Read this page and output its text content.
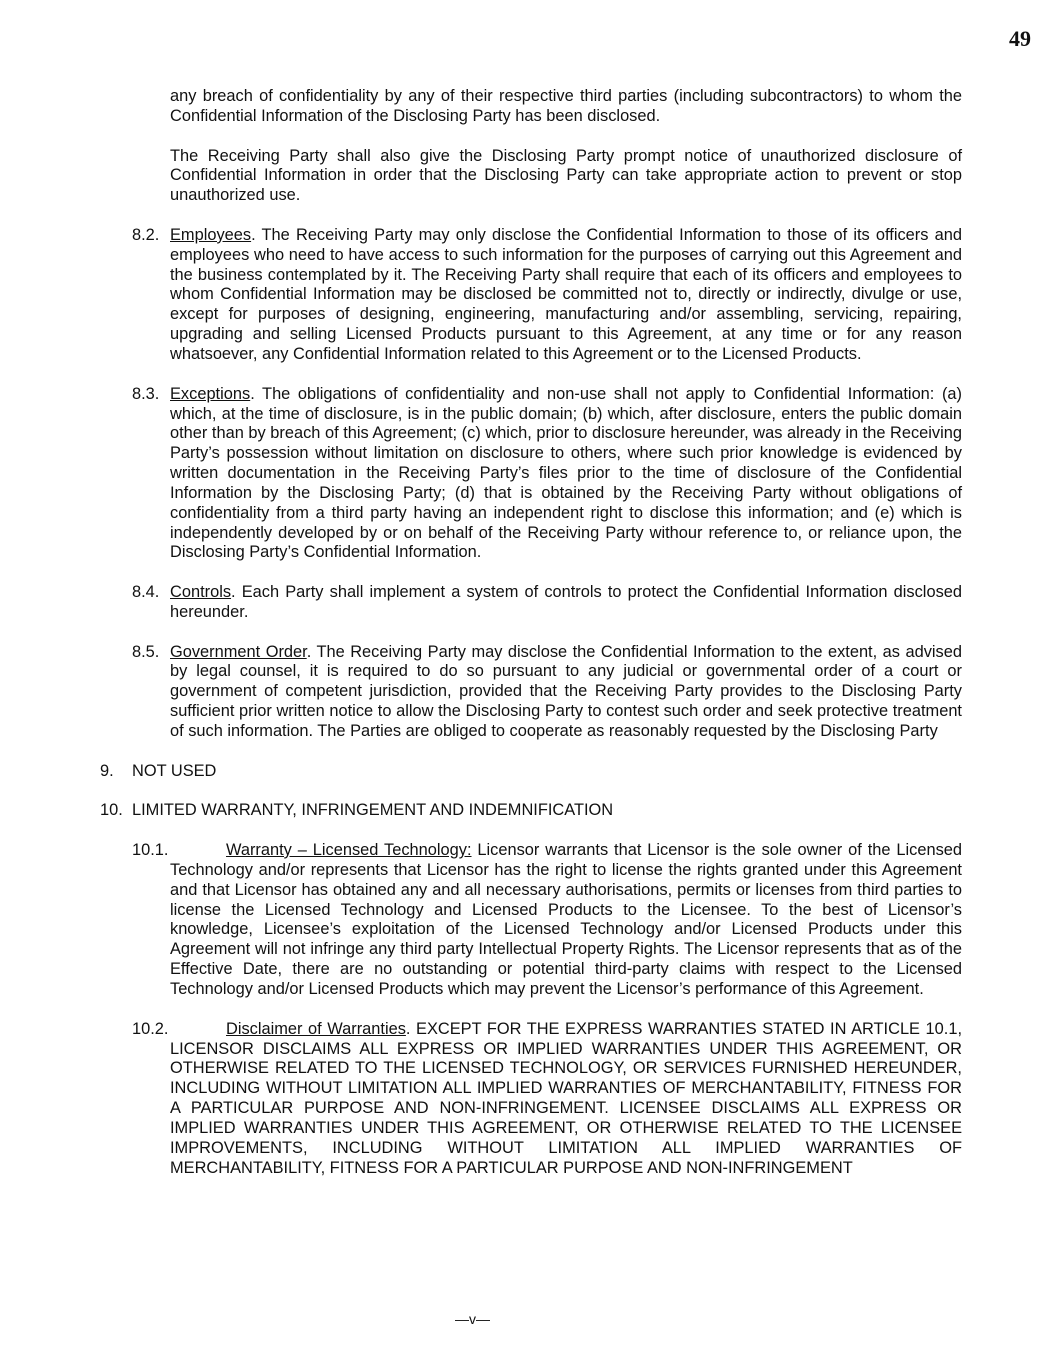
49

any breach of confidentiality by any of their respective third parties (including subcontractors) to whom the Confidential Information of the Disclosing Party has been disclosed.

The Receiving Party shall also give the Disclosing Party prompt notice of unauthorized disclosure of Confidential Information in order that the Disclosing Party can take appropriate action to prevent or stop unauthorized use.

8.2. Employees. The Receiving Party may only disclose the Confidential Information to those of its officers and employees who need to have access to such information for the purposes of carrying out this Agreement and the business contemplated by it. The Receiving Party shall require that each of its officers and employees to whom Confidential Information may be disclosed be committed not to, directly or indirectly, divulge or use, except for purposes of designing, engineering, manufacturing and/or assembling, servicing, repairing, upgrading and selling Licensed Products pursuant to this Agreement, at any time or for any reason whatsoever, any Confidential Information related to this Agreement or to the Licensed Products.
8.3. Exceptions. The obligations of confidentiality and non-use shall not apply to Confidential Information: (a) which, at the time of disclosure, is in the public domain; (b) which, after disclosure, enters the public domain other than by breach of this Agreement; (c) which, prior to disclosure hereunder, was already in the Receiving Party’s possession without limitation on disclosure to others, where such prior knowledge is evidenced by written documentation in the Receiving Party’s files prior to the time of disclosure of the Confidential Information by the Disclosing Party; (d) that is obtained by the Receiving Party without obligations of confidentiality from a third party having an independent right to disclose this information; and (e) which is independently developed by or on behalf of the Receiving Party withour reference to, or reliance upon, the Disclosing Party’s Confidential Information.
8.4. Controls. Each Party shall implement a system of controls to protect the Confidential Information disclosed hereunder.
8.5. Government Order. The Receiving Party may disclose the Confidential Information to the extent, as advised by legal counsel, it is required to do so pursuant to any judicial or governmental order of a court or government of competent jurisdiction, provided that the Receiving Party provides to the Disclosing Party sufficient prior written notice to allow the Disclosing Party to contest such order and seek protective treatment of such information. The Parties are obliged to cooperate as reasonably requested by the Disclosing Party
9. NOT USED
10. LIMITED WARRANTY, INFRINGEMENT AND INDEMNIFICATION
10.1.	Warranty – Licensed Technology: Licensor warrants that Licensor is the sole owner of the Licensed Technology and/or represents that Licensor has the right to license the rights granted under this Agreement and that Licensor has obtained any and all necessary authorisations, permits or licenses from third parties to license the Licensed Technology and Licensed Products to the Licensee. To the best of Licensor’s knowledge, Licensee’s exploitation of the Licensed Technology and/or Licensed Products under this Agreement will not infringe any third party Intellectual Property Rights. The Licensor represents that as of the Effective Date, there are no outstanding or potential third-party claims with respect to the Licensed Technology and/or Licensed Products which may prevent the Licensor’s performance of this Agreement.
10.2.	Disclaimer of Warranties. EXCEPT FOR THE EXPRESS WARRANTIES STATED IN ARTICLE 10.1, LICENSOR DISCLAIMS ALL EXPRESS OR IMPLIED WARRANTIES UNDER THIS AGREEMENT, OR OTHERWISE RELATED TO THE LICENSED TECHNOLOGY, OR SERVICES FURNISHED HEREUNDER, INCLUDING WITHOUT LIMITATION ALL IMPLIED WARRANTIES OF MERCHANTABILITY, FITNESS FOR A PARTICULAR PURPOSE AND NON-INFRINGEMENT. LICENSEE DISCLAIMS ALL EXPRESS OR IMPLIED WARRANTIES UNDER THIS AGREEMENT, OR OTHERWISE RELATED TO THE LICENSEE IMPROVEMENTS, INCLUDING WITHOUT LIMITATION ALL IMPLIED WARRANTIES OF MERCHANTABILITY, FITNESS FOR A PARTICULAR PURPOSE AND NON-INFRINGEMENT
—v—
